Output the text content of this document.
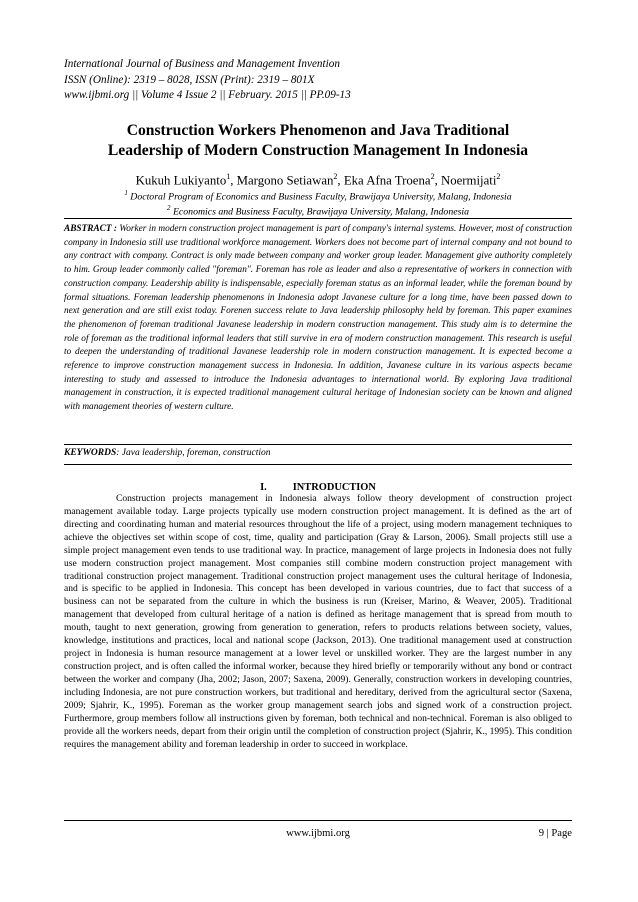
International Journal of Business and Management Invention
ISSN (Online): 2319 – 8028, ISSN (Print): 2319 – 801X
www.ijbmi.org || Volume 4 Issue 2 || February. 2015 || PP.09-13
Construction Workers Phenomenon and Java Traditional
Leadership of Modern Construction Management In Indonesia
Kukuh Lukiyanto$^1$, Margono Setiawan$^2$, Eka Afna Troena$^2$, Noermijati$^2$
$^1$ Doctoral Program of Economics and Business Faculty, Brawijaya University, Malang, Indonesia
$^2$ Economics and Business Faculty, Brawijaya University, Malang, Indonesia
ABSTRACT : Worker in modern construction project management is part of company's internal systems. However, most of construction company in Indonesia still use traditional workforce management. Workers does not become part of internal company and not bound to any contract with company. Contract is only made between company and worker group leader. Management give authority completely to him. Group leader commonly called "foreman". Foreman has role as leader and also a representative of workers in connection with construction company. Leadership ability is indispensable, especially foreman status as an informal leader, while the foreman bound by formal situations. Foreman leadership phenomenons in Indonesia adopt Javanese culture for a long time, have been passed down to next generation and are still exist today. Forenen success relate to Java leadership philosophy held by foreman. This paper examines the phenomenon of foreman traditional Javanese leadership in modern construction management. This study aim is to determine the role of foreman as the traditional informal leaders that still survive in era of modern construction management. This research is useful to deepen the understanding of traditional Javanese leadership role in modern construction management. It is expected become a reference to improve construction management success in Indonesia. In addition, Javanese culture in its various aspects became interesting to study and assessed to introduce the Indonesia advantages to international world. By exploring Java traditional management in construction, it is expected traditional management cultural heritage of Indonesian society can be known and aligned with management theories of western culture.
KEYWORDS: Java leadership, foreman, construction
I.	INTRODUCTION

Construction projects management in Indonesia always follow theory development of construction project management available today. Large projects typically use modern construction project management. It is defined as the art of directing and coordinating human and material resources throughout the life of a project, using modern management techniques to achieve the objectives set within scope of cost, time, quality and participation (Gray & Larson, 2006). Small projects still use a simple project management even tends to use traditional way. In practice, management of large projects in Indonesia does not fully use modern construction project management. Most companies still combine modern construction project management with traditional construction project management. Traditional construction project management uses the cultural heritage of Indonesia, and is specific to be applied in Indonesia. This concept has been developed in various countries, due to fact that success of a business can not be separated from the culture in which the business is run (Kreiser, Marino, & Weaver, 2005). Traditional management that developed from cultural heritage of a nation is defined as heritage management that is spread from mouth to mouth, taught to next generation, growing from generation to generation, refers to products relations between society, values, knowledge, institutions and practices, local and national scope (Jackson, 2013). One traditional management used at construction project in Indonesia is human resource management at a lower level or unskilled worker. They are the largest number in any construction project, and is often called the informal worker, because they hired briefly or temporarily without any bond or contract between the worker and company (Jha, 2002; Jason, 2007; Saxena, 2009). Generally, construction workers in developing countries, including Indonesia, are not pure construction workers, but traditional and hereditary, derived from the agricultural sector (Saxena, 2009; Sjahrir, K., 1995). Foreman as the worker group management search jobs and signed work of a construction project. Furthermore, group members follow all instructions given by foreman, both technical and non-technical. Foreman is also obliged to provide all the workers needs, depart from their origin until the completion of construction project (Sjahrir, K., 1995). This condition requires the management ability and foreman leadership in order to succeed in workplace.

www.ijbmi.org	9 | Page
